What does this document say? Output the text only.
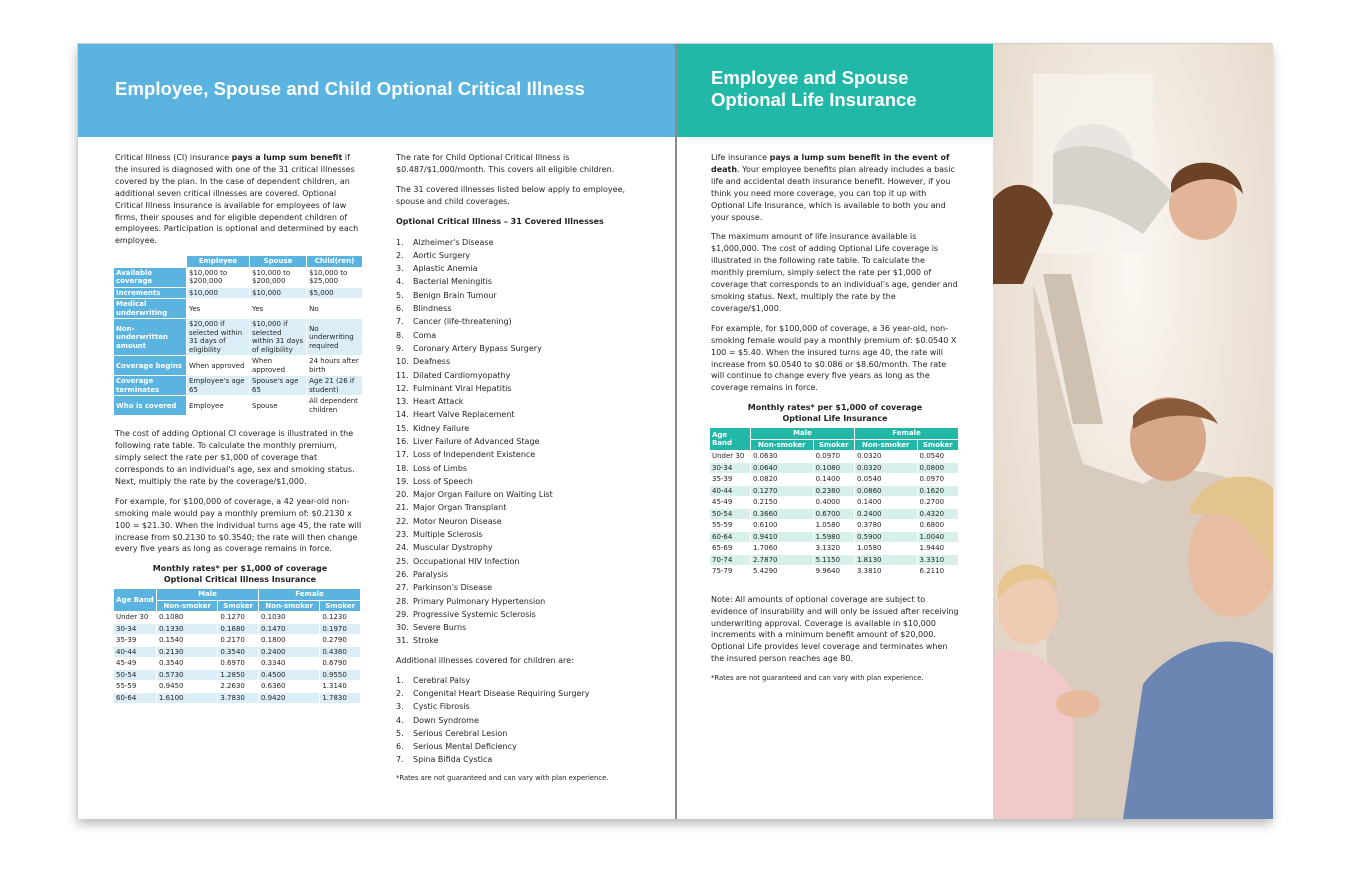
Employee, Spouse and Child Optional Critical Illness

Critical Illness (CI) insurance pays a lump sum benefit if the insured is diagnosed with one of the 31 critical illnesses covered by the plan. In the case of dependent children, an additional seven critical illnesses are covered. Optional Critical Illness Insurance is available for employees of law firms, their spouses and for eligible dependent children of employees. Participation is optional and determined by each employee.

	Employee	Spouse	Child(ren)
Available coverage	$10,000 to $200,000	$10,000 to $200,000	$10,000 to $25,000
Increments	$10,000	$10,000	$5,000
Medical underwriting	Yes	Yes	No
Non-underwritten amount	$20,000 if selected within 31 days of eligibility	$10,000 if selected within 31 days of eligibility	No underwriting required
Coverage begins	When approved	When approved	24 hours after birth
Coverage terminates	Employee's age 65	Spouse's age 65	Age 21 (26 if student)
Who is covered	Employee	Spouse	All dependent children

The cost of adding Optional CI coverage is illustrated in the following rate table. To calculate the monthly premium, simply select the rate per $1,000 of coverage that corresponds to an individual's age, sex and smoking status. Next, multiply the rate by the coverage/$1,000.

For example, for $100,000 of coverage, a 42 year-old non-smoking male would pay a monthly premium of: $0.2130 x 100 = $21.30. When the individual turns age 45, the rate will increase from $0.2130 to $0.3540; the rate will then change every five years as long as coverage remains in force.

Monthly rates* per $1,000 of coverage
Optional Critical Illness Insurance
Age Band	Male		Female	
	Non-smoker	Smoker	Non-smoker	Smoker
Under 30	0.1080	0.1270	0.1030	0.1230
30-34	0.1330	0.1680	0.1470	0.1970
35-39	0.1540	0.2170	0.1800	0.2790
40-44	0.2130	0.3540	0.2400	0.4380
45-49	0.3540	0.6970	0.3340	0.6790
50-54	0.5730	1.2850	0.4500	0.9550
55-59	0.9450	2.2630	0.6360	1.3140
60-64	1.6100	3.7830	0.9420	1.7830

The rate for Child Optional Critical Illness is $0.487/$1,000/month. This covers all eligible children.

The 31 covered illnesses listed below apply to employee, spouse and child coverages.

Optional Critical Illness – 31 Covered Illnesses
1.	Alzheimer's Disease
2.	Aortic Surgery
3.	Aplastic Anemia
4.	Bacterial Meningitis
5.	Benign Brain Tumour
6.	Blindness
7.	Cancer (life-threatening)
8.	Coma
9.	Coronary Artery Bypass Surgery
10. Deafness
11. Dilated Cardiomyopathy
12. Fulminant Viral Hepatitis
13. Heart Attack
14. Heart Valve Replacement
15. Kidney Failure
16. Liver Failure of Advanced Stage
17. Loss of Independent Existence
18. Loss of Limbs
19. Loss of Speech
20. Major Organ Failure on Waiting List
21. Major Organ Transplant
22. Motor Neuron Disease
23. Multiple Sclerosis
24. Muscular Dystrophy
25. Occupational HIV Infection
26. Paralysis
27. Parkinson's Disease
28. Primary Pulmonary Hypertension
29. Progressive Systemic Sclerosis
30. Severe Burns
31. Stroke
Additional illnesses covered for children are:
1.	Cerebral Palsy
2.	Congenital Heart Disease Requiring Surgery
3.	Cystic Fibrosis
4.	Down Syndrome
5.	Serious Cerebral Lesion
6.	Serious Mental Deficiency
7.	Spina Bifida Cystica
*Rates are not guaranteed and can vary with plan experience.
Employee and Spouse
Optional Life Insurance

Life insurance pays a lump sum benefit in the event of death. Your employee benefits plan already includes a basic life and accidental death insurance benefit. However, if you think you need more coverage, you can top it up with Optional Life Insurance, which is available to both you and your spouse.

The maximum amount of life insurance available is $1,000,000. The cost of adding Optional Life coverage is illustrated in the following rate table. To calculate the monthly premium, simply select the rate per $1,000 of coverage that corresponds to an individual's age, gender and smoking status. Next, multiply the rate by the coverage/$1,000.

For example, for $100,000 of coverage, a 36 year-old, non-smoking female would pay a monthly premium of: $0.0540 X 100 = $5.40. When the insured turns age 40, the rate will increase from $0.0540 to $0.086 or $8.60/month. The rate will continue to change every five years as long as the coverage remains in force.

Monthly rates* per $1,000 of coverage
Optional Life Insurance
Age Band	Male		Female	
	Non-smoker	Smoker	Non-smoker	Smoker
Under 30	0.0630	0.0970	0.0320	0.0540
30-34	0.0640	0.1080	0.0320	0.0800
35-39	0.0820	0.1400	0.0540	0.0970
40-44	0.1270	0.2380	0.0860	0.1620
45-49	0.2150	0.4000	0.1400	0.2700
50-54	0.3660	0.6700	0.2400	0.4320
55-59	0.6100	1.0580	0.3780	0.6800
60-64	0.9410	1.5980	0.5900	1.0040
65-69	1.7060	3.1320	1.0580	1.9440
70-74	2.7870	5.1150	1.8130	3.3310
75-79	5.4290	9.9640	3.3810	6.2110

Note: All amounts of optional coverage are subject to evidence of insurability and will only be issued after receiving underwriting approval. Coverage is available in $10,000 increments with a minimum benefit amount of $20,000. Optional Life provides level coverage and terminates when the insured person reaches age 80.

*Rates are not guaranteed and can vary with plan experience.
